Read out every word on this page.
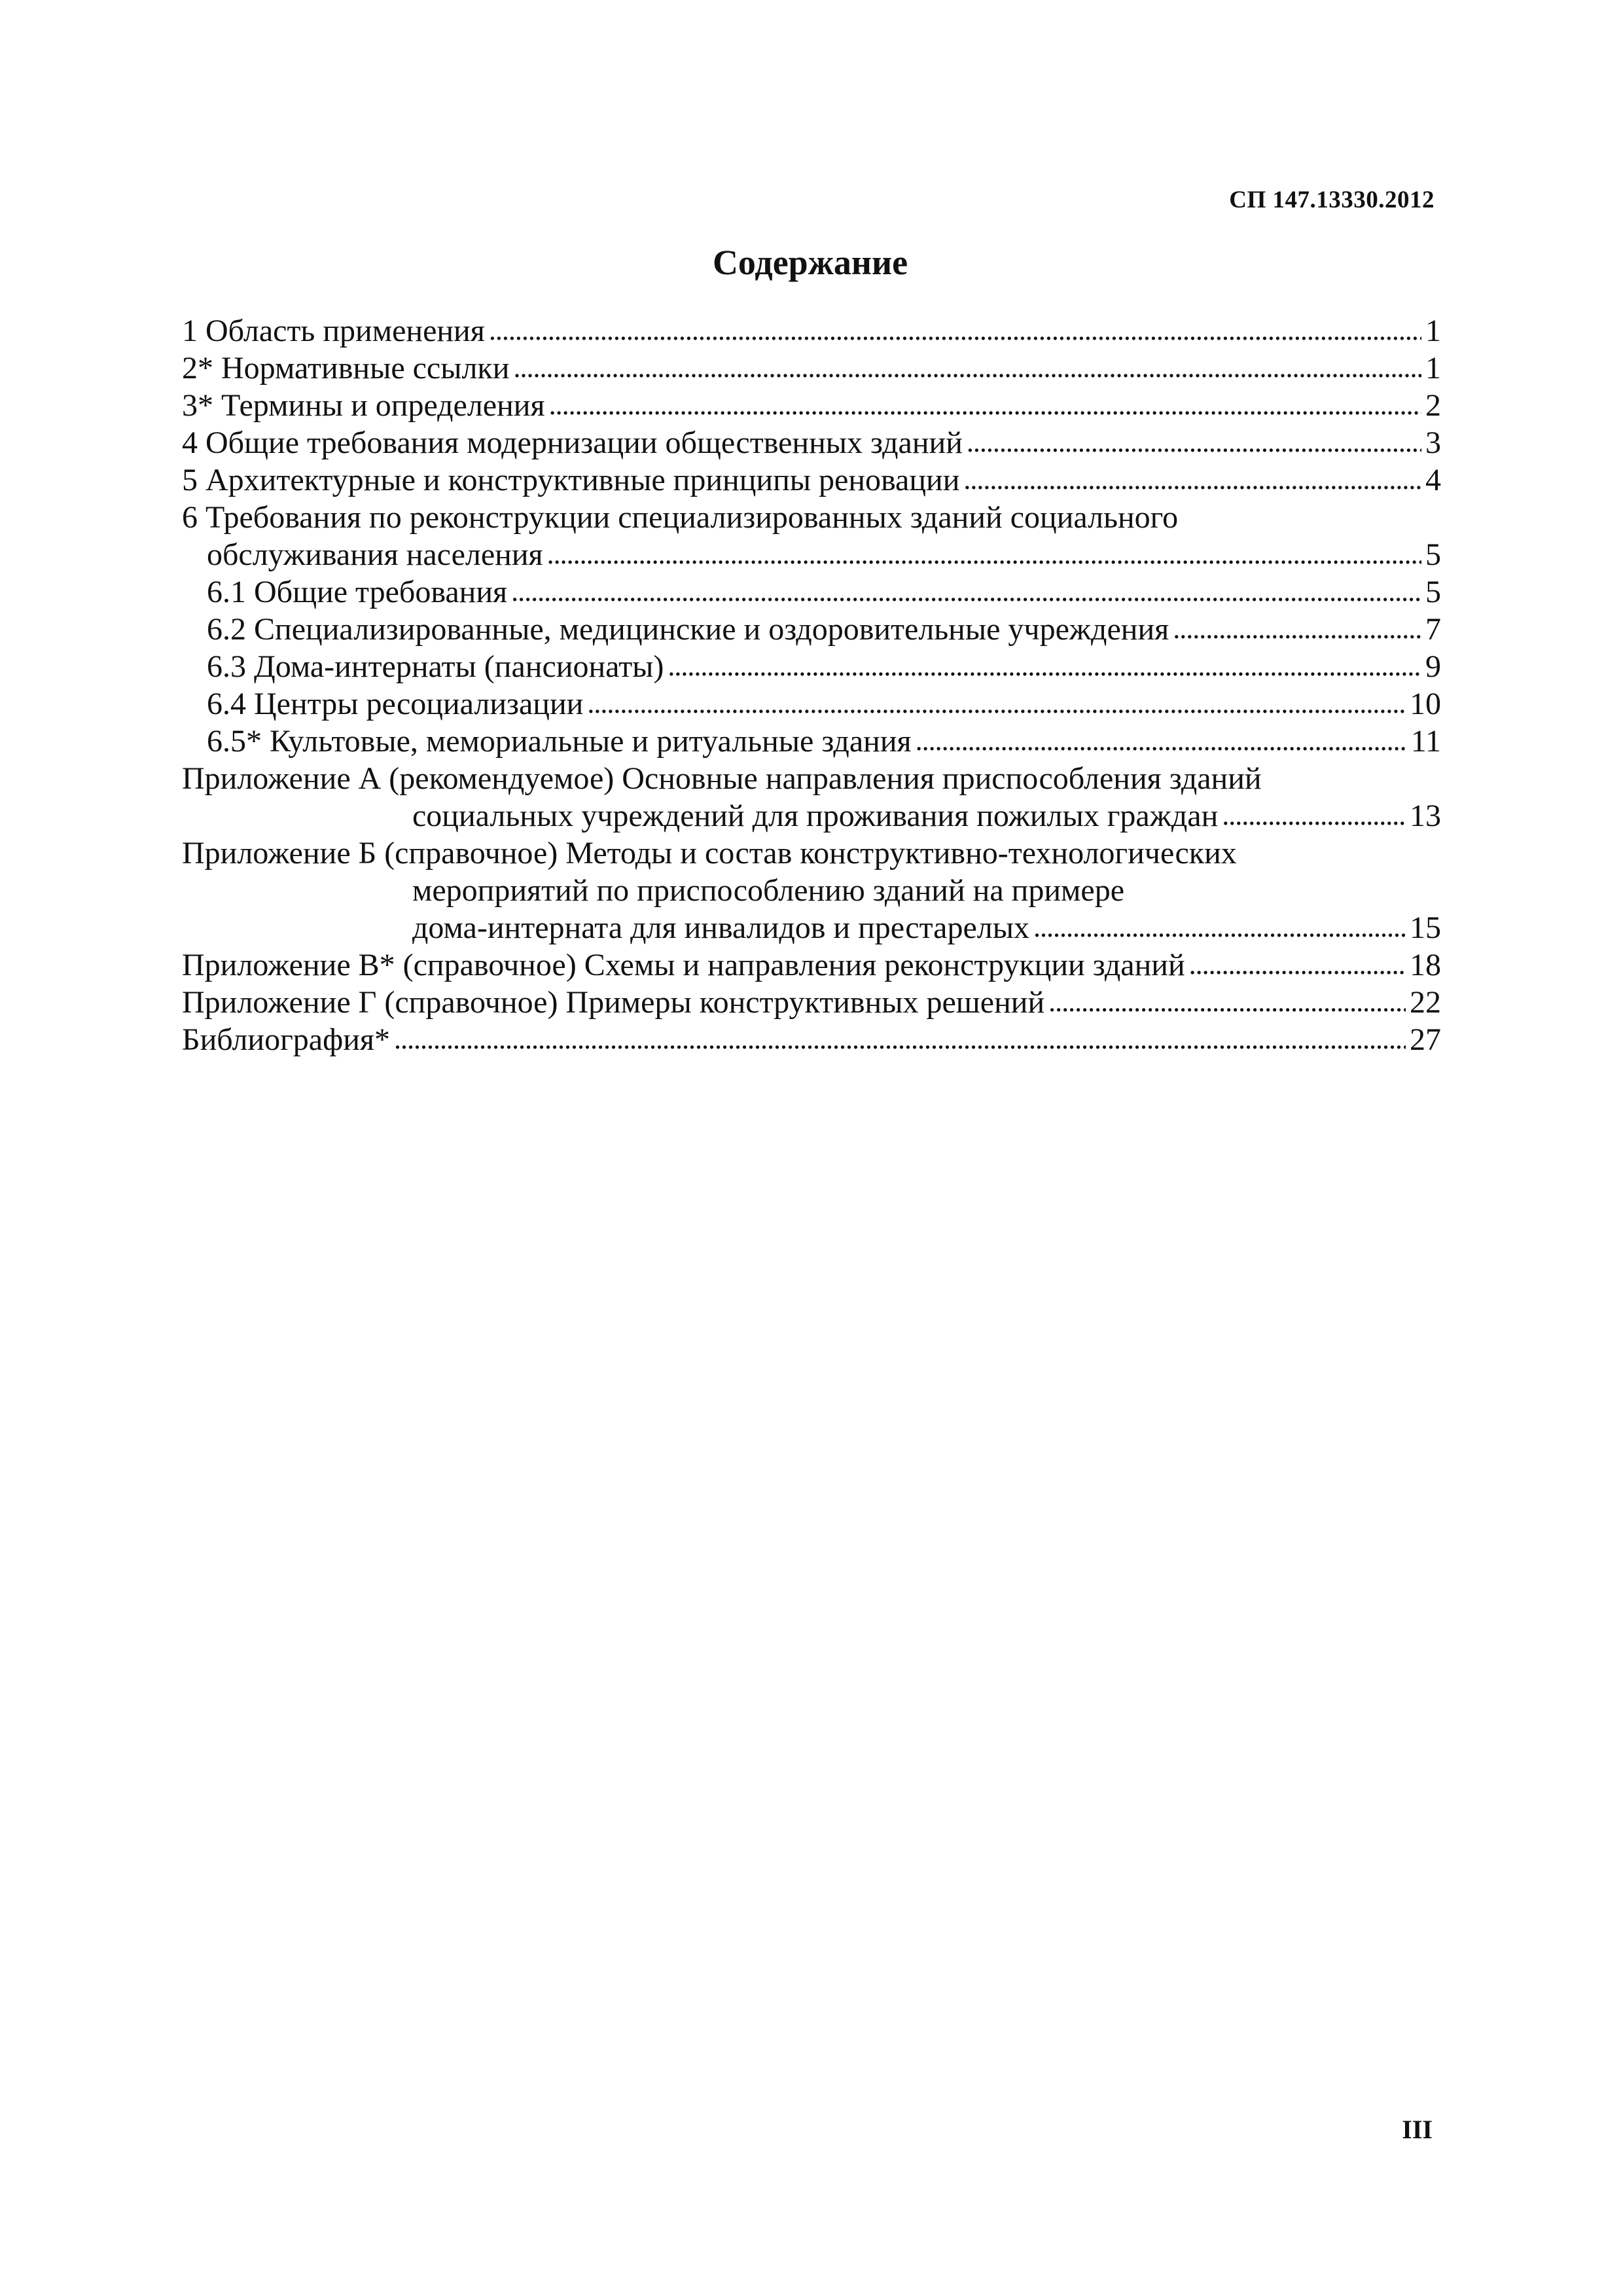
СП 147.13330.2012
Содержание
1 Область применения . . .	1
2* Нормативные ссылки . . .	1
3* Термины и определения . . .	2
4 Общие требования модернизации общественных зданий . . .	3
5 Архитектурные и конструктивные принципы реновации . . .	4
6 Требования по реконструкции специализированных зданий социального
обслуживания населения . . .	5
6.1 Общие требования . . .	5
6.2 Специализированные, медицинские и оздоровительные учреждения . . .	7
6.3 Дома-интернаты (пансионаты) . . .	9
6.4 Центры ресоциализации . . .	10
6.5* Культовые, мемориальные и ритуальные здания . . .	11
Приложение А (рекомендуемое) Основные направления приспособления зданий
социальных учреждений для проживания пожилых граждан . . .	13
Приложение Б (справочное) Методы и состав конструктивно-технологических
мероприятий по приспособлению зданий на примере
дома-интерната для инвалидов и престарелых . . .	15
Приложение В* (справочное) Схемы и направления реконструкции зданий . . .	18
Приложение Г (справочное) Примеры конструктивных решений . . .	22
Библиография* . . .	27
III
